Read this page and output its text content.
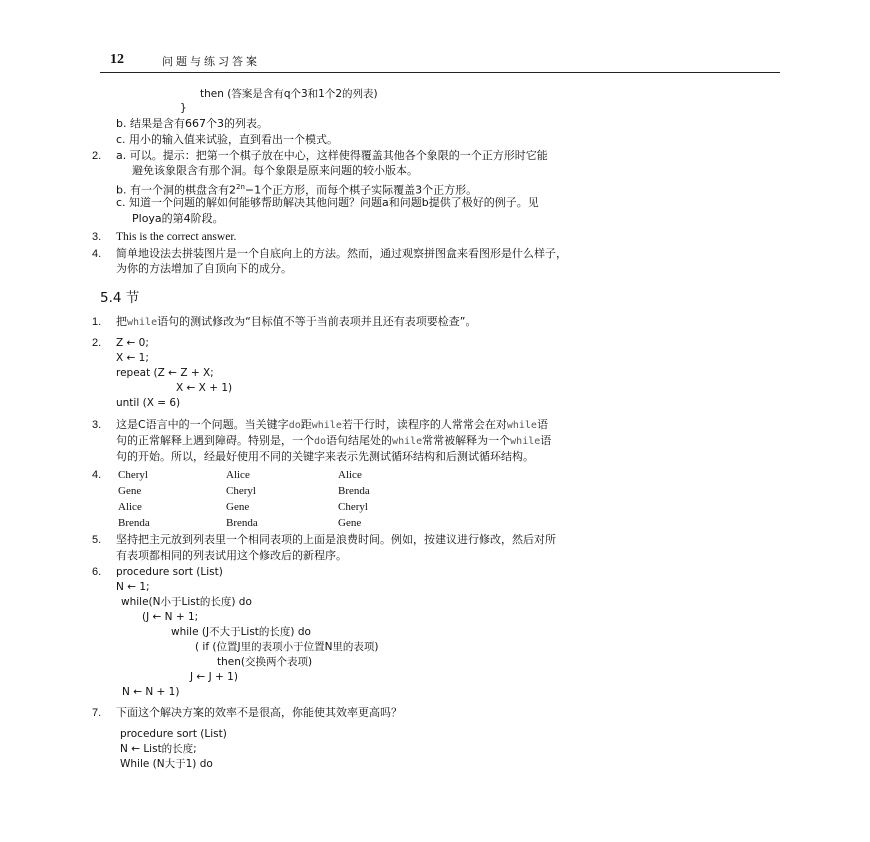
12	问题与练习答案
then (答案是含有q个3和1个2的列表)
}
b. 结果是含有667个3的列表。
c. 用小的输入值来试验，直到看出一个模式。
2. a. 可以。提示：把第一个棋子放在中心，这样使得覆盖其他各个象限的一个正方形时它能
避免该象限含有那个洞。每个象限是原来问题的较小版本。
b. 有一个洞的棋盘含有$2^{2n}-1$个正方形，而每个棋子实际覆盖3个正方形。
c. 知道一个问题的解如何能够帮助解决其他问题？问题a和问题b提供了极好的例子。见
Ploya的第4阶段。
3. This is the correct answer.
4. 简单地设法去拼装图片是一个自底向上的方法。然而，通过观察拼图盒来看图形是什么样子，
为你的方法增加了自顶向下的成分。
5.4 节
1. 把while语句的测试修改为“目标值不等于当前表项并且还有表项要检查”。
2. Z ← 0;
X ← 1;
repeat (Z ← Z + X;
X ← X + 1)
until (X = 6)
3. 这是C语言中的一个问题。当关键字do距while若干行时，读程序的人常常会在对while语
句的正常解释上遇到障碍。特别是，一个do语句结尾处的while常常被解释为一个while语
句的开始。所以，经最好使用不同的关键字来表示先测试循环结构和后测试循环结构。
4. Cheryl
Gene
Alice
Brenda
Alice
Cheryl
Gene
Brenda
Alice
Brenda
Cheryl
Gene
5. 坚持把主元放到列表里一个相同表项的上面是浪费时间。例如，按建议进行修改，然后对所
有表项都相同的列表试用这个修改后的新程序。
6. procedure sort (List)
N ← 1;
while(N小于List的长度) do
(J ← N + 1;
while (J不大于List的长度) do
( if (位置J里的表项小于位置N里的表项)
then(交换两个表项)
J ← J + 1)
N ← N + 1)
7. 下面这个解决方案的效率不是很高，你能使其效率更高吗？
procedure sort (List)
N ← List的长度;
While (N大于1) do
